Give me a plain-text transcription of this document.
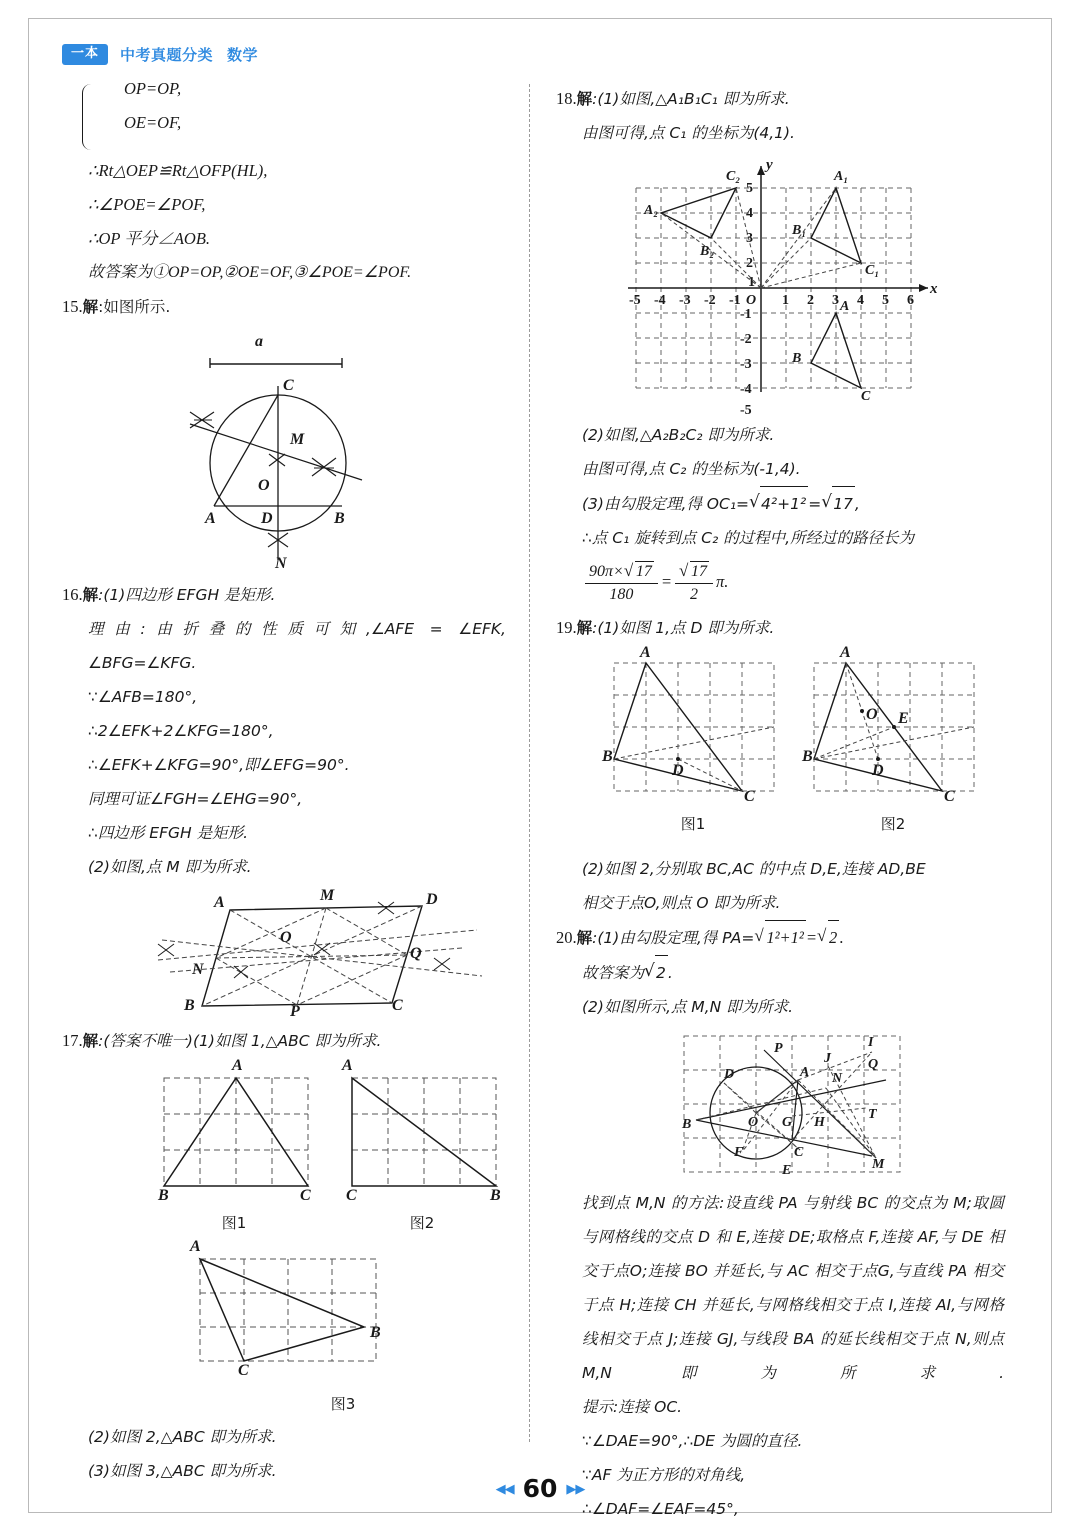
一本	中考真题分类 数学
OP=OP,
OE=OF,
∴Rt△OEP≌Rt△OFP(HL),
∴∠POE=∠POF,
∴OP 平分∠AOB.
故答案为①OP=OP,②OE=OF,③∠POE=∠POF.
15.解:如图所示.
a
C
M
O
A	D	B
N
16.解:(1)四边形 EFGH 是矩形.
理由:由折叠的性质可知,∠AFE = ∠EFK,
∠BFG=∠KFG.
∵∠AFB=180°,
∴2∠EFK+2∠KFG=180°,
∴∠EFK+∠KFG=90°,即∠EFG=90°.
同理可证∠FGH=∠EHG=90°,
∴四边形 EFGH 是矩形.
(2)如图,点 M 即为所求.
A	M	D
O
Q
N
B	P	C
17.解:(答案不唯一)(1)如图 1,△ABC 即为所求.
A
B	C
图1
A
C	B
图2
A
B
C
图3
(2)如图 2,△ABC 即为所求.
(3)如图 3,△ABC 即为所求.
18.解:(1)如图,△A₁B₁C₁ 即为所求.
由图可得,点 C₁ 的坐标为(4,1).
y
x
O
-5 -4 -3 -2 -1	1 2 3 4 5 6
5
4
3
2
1
-1
-2
-3
-4
-5
A
B
C
A₁
B₁
C₁
A₂
B₂
C₂
(2)如图,△A₂B₂C₂ 即为所求.
由图可得,点 C₂ 的坐标为(-1,4).
(3)由勾股定理,得 OC₁= √ 4²+1² = √ 17 ,
∴点 C₁ 旋转到点 C₂ 的过程中,所经过的路径长为
$\frac{90\pi\times √ 17}{180}$ = √ $\frac{17}{2} \pi$.
19.解:(1)如图 1,点 D 即为所求.
A
B
D
C
图1
A
B
E
O
D
C
图2
(2)如图 2,分别取 BC,AC 的中点 D,E,连接 AD,BE
相交于点O,则点 O 即为所求.
20.解:(1)由勾股定理,得 PA= √ 1²+1² = √ 2 .
故答案为 √ 2 .
(2)如图所示,点 M,N 即为所求.
P	I
J	Q
D	A N
T
B	O G H
F	C
E	M
找到点 M,N 的方法:设直线 PA 与射线 BC 的交点为 M;取圆与网格线的交点 D 和 E,连接 DE;取格点 F,连接 AF,与 DE 相交于点O;连接 BO 并延长,与 AC 相交于点G,与直线 PA 相交于点 H;连接 CH 并延长,与网格线相交于点 I,连接 AI,与网格线相交于点 J;连接 GJ,与线段 BA 的延长线相交于点 N,则点 M,N 即为所求.
提示:连接 OC.
∵∠DAE=90°,∴DE 为圆的直径.
∵AF 为正方形的对角线,
∴∠DAF=∠EAF=45°,
◀◀ 60 ▶▶
